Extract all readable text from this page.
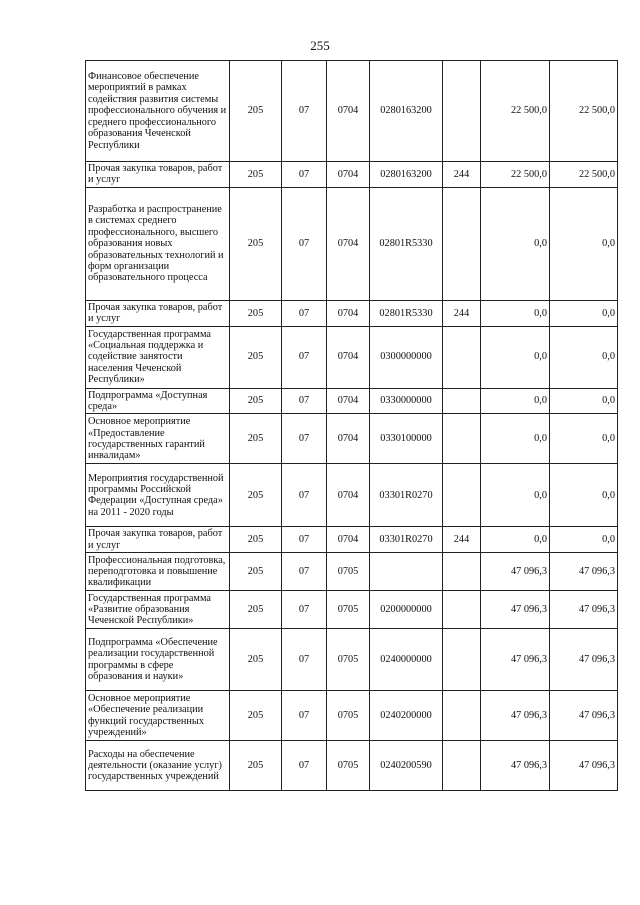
255
Финансовое обеспечение мероприятий в рамках содействия развития системы профессионального обучения и среднего профессионального образования Чеченской Республики	205	07	0704	0280163200		22 500,0	22 500,0
Прочая закупка товаров, работ и услуг	205	07	0704	0280163200	244	22 500,0	22 500,0
Разработка и распространение в системах среднего профессионального, высшего образования новых образовательных технологий и форм организации образовательного процесса	205	07	0704	02801R5330		0,0	0,0
Прочая закупка товаров, работ и услуг	205	07	0704	02801R5330	244	0,0	0,0
Государственная программа «Социальная поддержка и содействие занятости населения Чеченской Республики»	205	07	0704	0300000000		0,0	0,0
Подпрограмма «Доступная среда»	205	07	0704	0330000000		0,0	0,0
Основное мероприятие «Предоставление государственных гарантий инвалидам»	205	07	0704	0330100000		0,0	0,0
Мероприятия государственной программы Российской Федерации «Доступная среда» на 2011 - 2020 годы	205	07	0704	03301R0270		0,0	0,0
Прочая закупка товаров, работ и услуг	205	07	0704	03301R0270	244	0,0	0,0
Профессиональная подготовка, переподготовка и повышение квалификации	205	07	0705			47 096,3	47 096,3
Государственная программа «Развитие образования Чеченской Республики»	205	07	0705	0200000000		47 096,3	47 096,3
Подпрограмма «Обеспечение реализации государственной программы в сфере образования и науки»	205	07	0705	0240000000		47 096,3	47 096,3
Основное мероприятие «Обеспечение реализации функций государственных учреждений»	205	07	0705	0240200000		47 096,3	47 096,3
Расходы на обеспечение деятельности (оказание услуг) государственных учреждений	205	07	0705	0240200590		47 096,3	47 096,3
